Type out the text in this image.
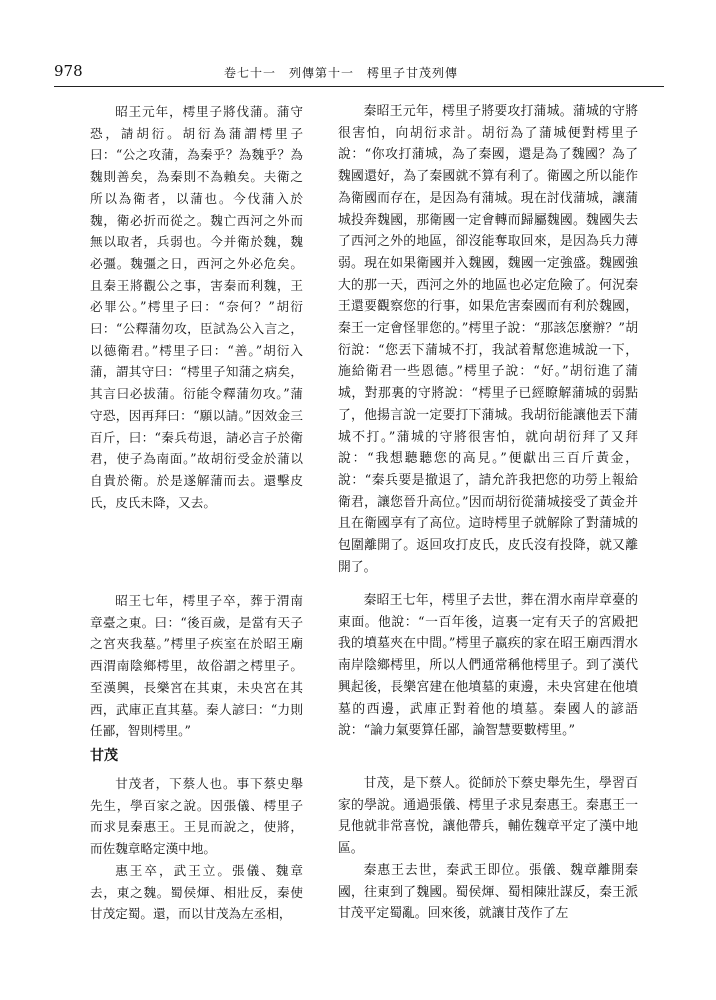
978	卷七十一　列傳第十一　樗里子甘茂列傳

昭王元年，樗里子將伐蒲。蒲守恐，請胡衍。胡衍為蒲謂樗里子曰：“公之攻蒲，為秦乎？為魏乎？為魏則善矣，為秦則不為賴矣。夫衛之所以為衛者，以蒲也。今伐蒲入於魏，衛必折而從之。魏亡西河之外而無以取者，兵弱也。今并衛於魏，魏必彊。魏彊之日，西河之外必危矣。且秦王將觀公之事，害秦而利魏，王必罪公。”樗里子曰：“奈何？”胡衍曰：“公釋蒲勿攻，臣試為公入言之，以德衛君。”樗里子曰：“善。”胡衍入蒲，謂其守曰：“樗里子知蒲之病矣，其言曰必拔蒲。衍能令釋蒲勿攻。”蒲守恐，因再拜曰：“願以請。”因效金三百斤，曰：“秦兵苟退，請必言子於衛君，使子為南面。”故胡衍受金於蒲以自貴於衛。於是遂解蒲而去。還擊皮氏，皮氏未降，又去。

秦昭王元年，樗里子將要攻打蒲城。蒲城的守將很害怕，向胡衍求計。胡衍為了蒲城便對樗里子說：“你攻打蒲城，為了秦國，還是為了魏國？為了魏國還好，為了秦國就不算有利了。衛國之所以能作為衛國而存在，是因為有蒲城。現在討伐蒲城，讓蒲城投奔魏國，那衛國一定會轉而歸屬魏國。魏國失去了西河之外的地區，卻沒能奪取回來，是因為兵力薄弱。現在如果衛國并入魏國，魏國一定強盛。魏國強大的那一天，西河之外的地區也必定危險了。何況秦王還要觀察您的行事，如果危害秦國而有利於魏國，秦王一定會怪罪您的。”樗里子說：“那該怎麼辦？”胡衍說：“您丟下蒲城不打，我試着幫您進城說一下，施給衛君一些恩德。”樗里子說：“好。”胡衍進了蒲城，對那裏的守將說：“樗里子已經瞭解蒲城的弱點了，他揚言說一定要打下蒲城。我胡衍能讓他丟下蒲城不打。”蒲城的守將很害怕，就向胡衍拜了又拜說：“我想聽聽您的高見。”便獻出三百斤黃金，說：“秦兵要是撤退了，請允許我把您的功勞上報給衛君，讓您晉升高位。”因而胡衍從蒲城接受了黃金并且在衛國享有了高位。這時樗里子就解除了對蒲城的包圍離開了。返回攻打皮氏，皮氏沒有投降，就又離開了。

昭王七年，樗里子卒，葬于渭南章臺之東。曰：“後百歲，是當有天子之宮夾我墓。”樗里子疾室在於昭王廟西渭南陰鄉樗里，故俗謂之樗里子。至漢興，長樂宮在其東，未央宮在其西，武庫正直其墓。秦人諺曰：“力則任鄙，智則樗里。”

秦昭王七年，樗里子去世，葬在渭水南岸章臺的東面。他說：“一百年後，這裏一定有天子的宮殿把我的墳墓夾在中間。”樗里子嬴疾的家在昭王廟西渭水南岸陰鄉樗里，所以人們通常稱他樗里子。到了漢代興起後，長樂宮建在他墳墓的東邊，未央宮建在他墳墓的西邊，武庫正對着他的墳墓。秦國人的諺語說：“論力氣要算任鄙，論智慧要數樗里。”

甘茂

甘茂者，下蔡人也。事下蔡史舉先生，學百家之說。因張儀、樗里子而求見秦惠王。王見而說之，使將，而佐魏章略定漢中地。

甘茂，是下蔡人。從師於下蔡史舉先生，學習百家的學說。通過張儀、樗里子求見秦惠王。秦惠王一見他就非常喜悅，讓他帶兵，輔佐魏章平定了漢中地區。

惠王卒，武王立。張儀、魏章去，東之魏。蜀侯煇、相壯反，秦使甘茂定蜀。還，而以甘茂為左丞相，

秦惠王去世，秦武王即位。張儀、魏章離開秦國，往東到了魏國。蜀侯煇、蜀相陳壯謀反，秦王派甘茂平定蜀亂。回來後，就讓甘茂作了左
